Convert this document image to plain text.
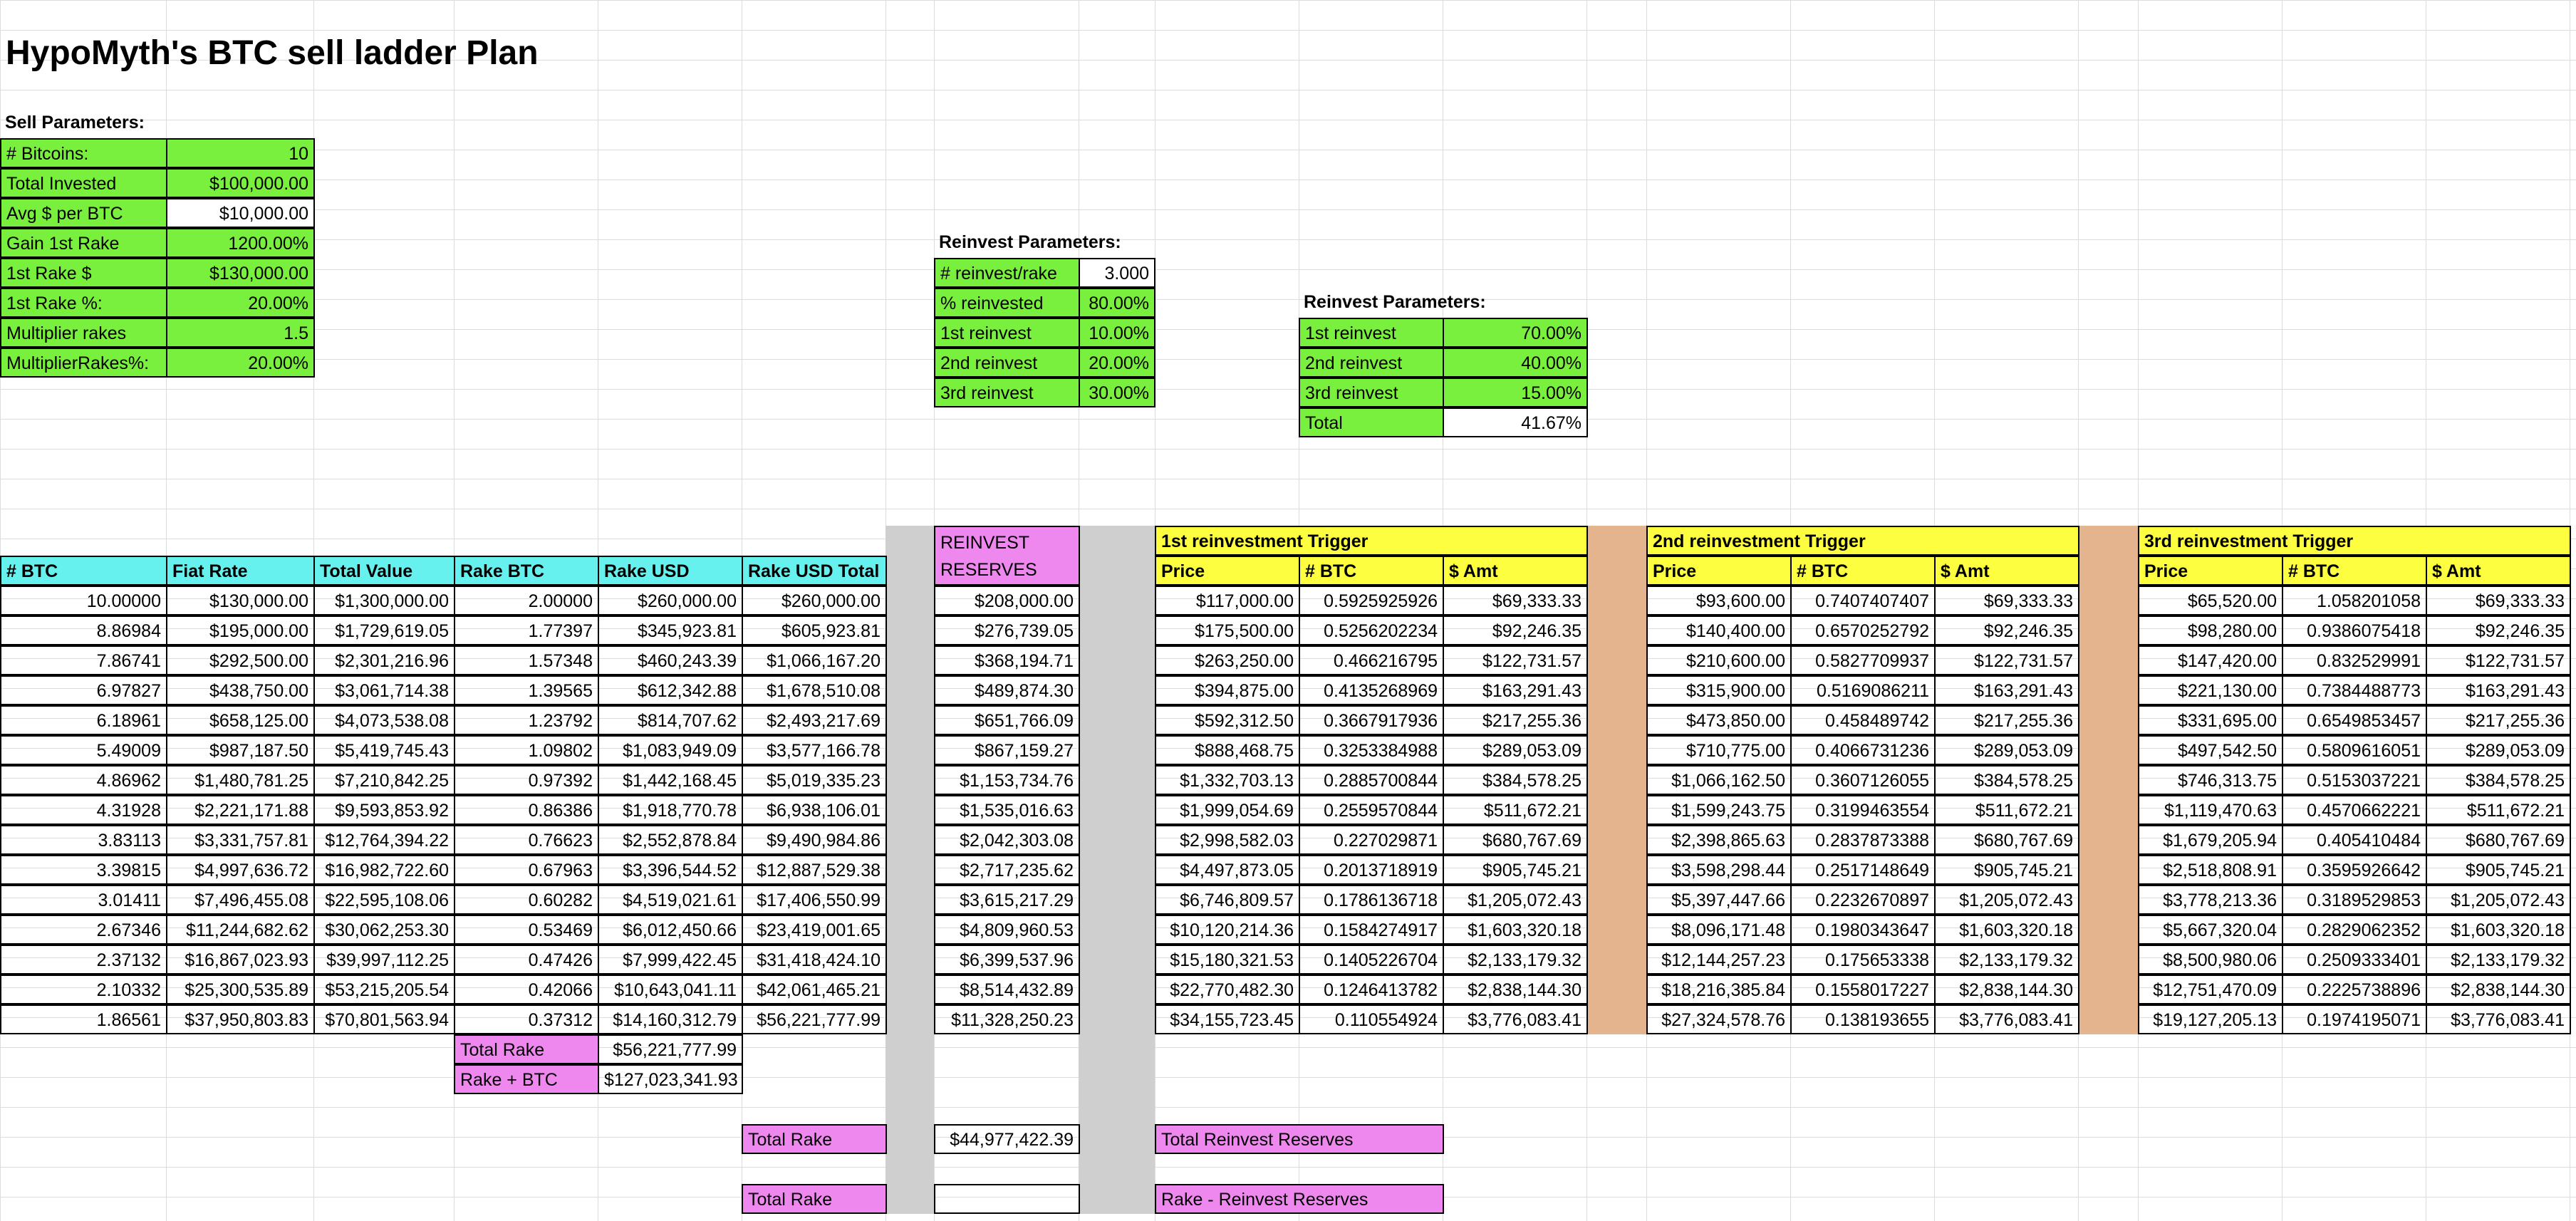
HypoMyth's BTC sell ladder Plan
Sell Parameters:
# Bitcoins:	10
Total Invested	$100,000.00
Avg $ per BTC	$10,000.00
Gain 1st Rake	1200.00%
1st Rake $	$130,000.00
1st Rake %:	20.00%
Multiplier rakes	1.5
MultiplierRakes%:	20.00%
Reinvest Parameters:
# reinvest/rake	3.000
% reinvested	80.00%
1st reinvest	10.00%
2nd reinvest	20.00%
3rd reinvest	30.00%
Reinvest Parameters:
1st reinvest	70.00%
2nd reinvest	40.00%
3rd reinvest	15.00%
Total	41.67%
# BTC	Fiat Rate	Total Value	Rake BTC	Rake USD	Rake USD Total
10.00000	$130,000.00	$1,300,000.00	2.00000	$260,000.00	$260,000.00
8.86984	$195,000.00	$1,729,619.05	1.77397	$345,923.81	$605,923.81
7.86741	$292,500.00	$2,301,216.96	1.57348	$460,243.39	$1,066,167.20
6.97827	$438,750.00	$3,061,714.38	1.39565	$612,342.88	$1,678,510.08
6.18961	$658,125.00	$4,073,538.08	1.23792	$814,707.62	$2,493,217.69
5.49009	$987,187.50	$5,419,745.43	1.09802	$1,083,949.09	$3,577,166.78
4.86962	$1,480,781.25	$7,210,842.25	0.97392	$1,442,168.45	$5,019,335.23
4.31928	$2,221,171.88	$9,593,853.92	0.86386	$1,918,770.78	$6,938,106.01
3.83113	$3,331,757.81 $12,764,394.22	0.76623	$2,552,878.84	$9,490,984.86
3.39815	$4,997,636.72 $16,982,722.60	0.67963	$3,396,544.52	$12,887,529.38
3.01411	$7,496,455.08 $22,595,108.06	0.60282	$4,519,021.61	$17,406,550.99
2.67346	$11,244,682.62 $30,062,253.30	0.53469	$6,012,450.66	$23,419,001.65
2.37132	$16,867,023.93	$39,997,112.25	0.47426	$7,999,422.45	$31,418,424.10
2.10332	$25,300,535.89 $53,215,205.54	0.42066	$10,643,041.11	$42,061,465.21
1.86561	$37,950,803.83 $70,801,563.94	0.37312	$14,160,312.79	$56,221,777.99
Total Rake	$56,221,777.99
Rake + BTC	$127,023,341.93
REINVEST
RESERVES
$208,000.00
$276,739.05
$368,194.71
$489,874.30
$651,766.09
$867,159.27
$1,153,734.76
$1,535,016.63
$2,042,303.08
$2,717,235.62
$3,615,217.29
$4,809,960.53
$6,399,537.96
$8,514,432.89
$11,328,250.23
Total Rake	$44,977,422.39
Total Rake
1st reinvestment Trigger
Price	# BTC	$ Amt
$117,000.00	0.5925925926	$69,333.33
$175,500.00	0.5256202234	$92,246.35
$263,250.00	0.466216795	$122,731.57
$394,875.00	0.4135268969	$163,291.43
$592,312.50	0.3667917936	$217,255.36
$888,468.75	0.3253384988	$289,053.09
$1,332,703.13	0.2885700844	$384,578.25
$1,999,054.69	0.2559570844	$511,672.21
$2,998,582.03	0.227029871	$680,767.69
$4,497,873.05	0.2013718919	$905,745.21
$6,746,809.57	0.1786136718	$1,205,072.43
$10,120,214.36	0.1584274917	$1,603,320.18
$15,180,321.53	0.1405226704	$2,133,179.32
$22,770,482.30	0.1246413782	$2,838,144.30
$34,155,723.45	0.110554924	$3,776,083.41
2nd reinvestment Trigger
Price	# BTC	$ Amt
$93,600.00	0.7407407407	$69,333.33
$140,400.00	0.6570252792	$92,246.35
$210,600.00	0.5827709937	$122,731.57
$315,900.00	0.5169086211	$163,291.43
$473,850.00	0.458489742	$217,255.36
$710,775.00	0.4066731236	$289,053.09
$1,066,162.50	0.3607126055	$384,578.25
$1,599,243.75	0.3199463554	$511,672.21
$2,398,865.63	0.2837873388	$680,767.69
$3,598,298.44	0.2517148649	$905,745.21
$5,397,447.66	0.2232670897	$1,205,072.43
$8,096,171.48	0.1980343647	$1,603,320.18
$12,144,257.23	0.175653338	$2,133,179.32
$18,216,385.84	0.1558017227	$2,838,144.30
$27,324,578.76	0.138193655	$3,776,083.41
3rd reinvestment Trigger
Price	# BTC	$ Amt
$65,520.00	1.058201058	$69,333.33
$98,280.00	0.9386075418	$92,246.35
$147,420.00	0.832529991	$122,731.57
$221,130.00	0.7384488773	$163,291.43
$331,695.00	0.6549853457	$217,255.36
$497,542.50	0.5809616051	$289,053.09
$746,313.75	0.5153037221	$384,578.25
$1,119,470.63	0.4570662221	$511,672.21
$1,679,205.94	0.405410484	$680,767.69
$2,518,808.91	0.3595926642	$905,745.21
$3,778,213.36	0.3189529853	$1,205,072.43
$5,667,320.04	0.2829062352	$1,603,320.18
$8,500,980.06	0.2509333401	$2,133,179.32
$12,751,470.09	0.2225738896	$2,838,144.30
$19,127,205.13	0.1974195071	$3,776,083.41
Total Reinvest Reserves
Rake - Reinvest Reserves
